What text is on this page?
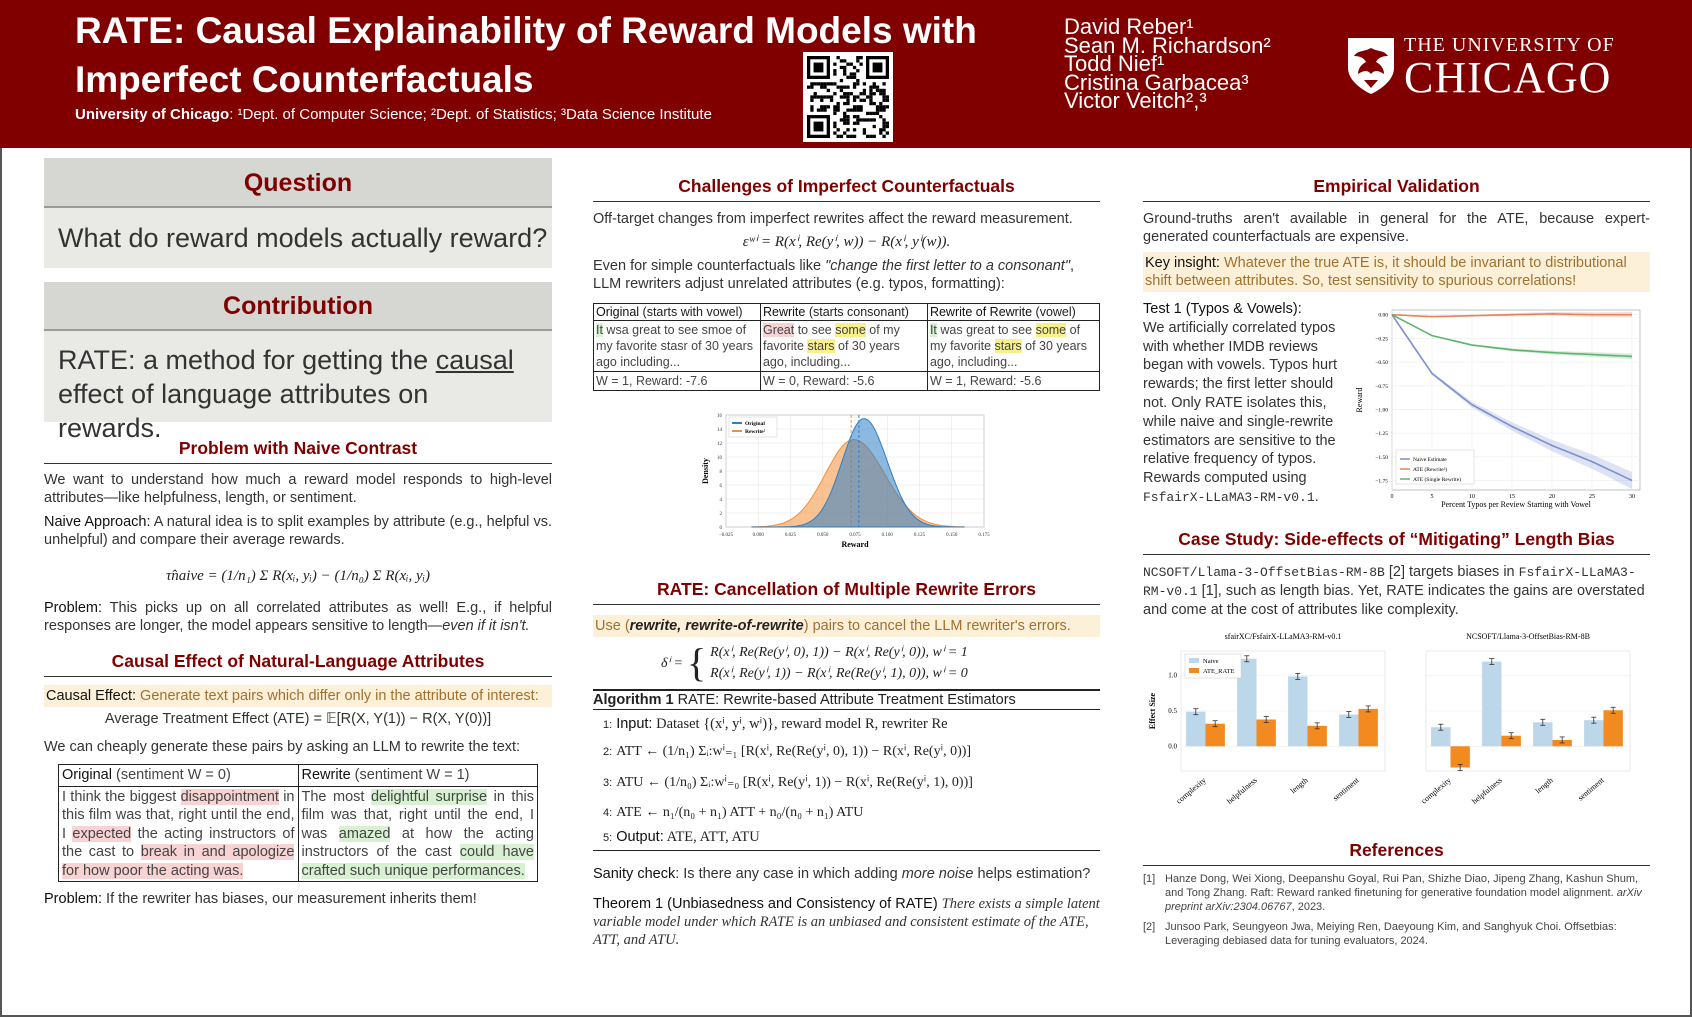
RATE: Causal Explainability of Reward Models with
Imperfect Counterfactuals
University of Chicago: ¹Dept. of Computer Science; ²Dept. of Statistics; ³Data Science Institute
David Reber¹
Sean M. Richardson²
Todd Nief¹
Cristina Garbacea³
Victor Veitch²,³
THE UNIVERSITY OF
CHICAGO
Question
What do reward models actually reward?
Contribution
RATE: a method for getting the causal effect of language attributes on rewards.
Problem with Naive Contrast
We want to understand how much a reward model responds to high-level attributes—like helpfulness, length, or sentiment.
Naive Approach: A natural idea is to split examples by attribute (e.g., helpful vs. unhelpful) and compare their average rewards.
τ̂naive = (1/n₁) Σ R(xᵢ, yᵢ) − (1/n₀) Σ R(xᵢ, yᵢ)
Problem: This picks up on all correlated attributes as well! E.g., if helpful responses are longer, the model appears sensitive to length—even if it isn't.
Causal Effect of Natural-Language Attributes
Causal Effect: Generate text pairs which differ only in the attribute of interest:
Average Treatment Effect (ATE) = 𝔼[R(X, Y(1)) − R(X, Y(0))]
We can cheaply generate these pairs by asking an LLM to rewrite the text:
Original (sentiment W = 0)	Rewrite (sentiment W = 1)
I think the biggest disappointment in this film was that, right until the end, I expected the acting instructors of the cast to break in and apologize for how poor the acting was.	The most delightful surprise in this film was that, right until the end, I was amazed at how the acting instructors of the cast could have crafted such unique performances.
Problem: If the rewriter has biases, our measurement inherits them!
Challenges of Imperfect Counterfactuals
Off-target changes from imperfect rewrites affect the reward measurement.
εʷⁱ = R(xⁱ, Re(yⁱ, w)) − R(xⁱ, yⁱ(w)).
Even for simple counterfactuals like "change the first letter to a consonant", LLM rewriters adjust unrelated attributes (e.g. typos, formatting):
Original (starts with vowel)	Rewrite (starts consonant)	Rewrite of Rewrite (vowel)
It wsa great to see smoe of my favorite stasr of 30 years ago including...	Great to see some of my favorite stars of 30 years ago, including...	It was great to see some of my favorite stars of 30 years ago, including...
W = 1, Reward: -7.6	W = 0, Reward: -5.6	W = 1, Reward: -5.6
−0.025	0.000	0.025	0.050	0.075	0.100	0.125	0.150	0.175
0
2
4
6
8
10
12
14
16
Reward
Density
Original
Rewrite²
RATE: Cancellation of Multiple Rewrite Errors
Use (rewrite, rewrite-of-rewrite) pairs to cancel the LLM rewriter's errors.
δⁱ = { R(xⁱ, Re(Re(yⁱ, 0), 1)) − R(xⁱ, Re(yⁱ, 0)), wⁱ = 1
R(xⁱ, Re(yⁱ, 1)) − R(xⁱ, Re(Re(yⁱ, 1), 0)), wⁱ = 0
Algorithm 1 RATE: Rewrite-based Attribute Treatment Estimators
1: Input: Dataset {(xⁱ, yⁱ, wⁱ)}, reward model R, rewriter Re
2: ATT ← (1/n₁) Σᵢ:wⁱ₌₁ [R(xⁱ, Re(Re(yⁱ, 0), 1)) − R(xⁱ, Re(yⁱ, 0))]
3: ATU ← (1/n₀) Σᵢ:wⁱ₌₀ [R(xⁱ, Re(yⁱ, 1)) − R(xⁱ, Re(Re(yⁱ, 1), 0))]
4: ATE ← n₁/(n₀ + n₁) ATT + n₀/(n₀ + n₁) ATU
5: Output: ATE, ATT, ATU
Sanity check: Is there any case in which adding more noise helps estimation?
Theorem 1 (Unbiasedness and Consistency of RATE) There exists a simple latent variable model under which RATE is an unbiased and consistent estimate of the ATE, ATT, and ATU.
Empirical Validation
Ground-truths aren't available in general for the ATE, because expert-generated counterfactuals are expensive.
Key insight: Whatever the true ATE is, it should be invariant to distributional shift between attributes. So, test sensitivity to spurious correlations!
Test 1 (Typos & Vowels):
We artificially correlated typos with whether IMDB reviews began with vowels. Typos hurt rewards; the first letter should not. Only RATE isolates this, while naive and single-rewrite estimators are sensitive to the relative frequency of typos. Rewards computed using FsfairX-LLaMA3-RM-v0.1.	0	5	10	15	20	25	30
0.00
−0.25
−0.50
−0.75
−1.00
−1.25
−1.50
−1.75
Percent Typos per Review Starting with Vowel
Reward
Naive Estimate
ATE (Rewrite²)
ATE (Single Rewrite)
Case Study: Side-effects of “Mitigating” Length Bias
NCSOFT/Llama-3-OffsetBias-RM-8B [2] targets biases in FsfairX-LLaMA3-RM-v0.1 [1], such as length bias. Yet, RATE indicates the gains are overstated and come at the cost of attributes like complexity.
sfairXC/FsfairX-LLaMA3-RM-v0.1
0.0
0.5
1.0
Effect Size
complexity helpfulness	length	sentiment
Naive
ATE_RATE
NCSOFT/Llama-3-OffsetBias-RM-8B
complexity helpfulness	length	sentiment
References
[1] Hanze Dong, Wei Xiong, Deepanshu Goyal, Rui Pan, Shizhe Diao, Jipeng Zhang, Kashun Shum, and Tong Zhang. Raft: Reward ranked finetuning for generative foundation model alignment. arXiv preprint arXiv:2304.06767, 2023.
[2] Junsoo Park, Seungyeon Jwa, Meiying Ren, Daeyoung Kim, and Sanghyuk Choi. Offsetbias: Leveraging debiased data for tuning evaluators, 2024.
